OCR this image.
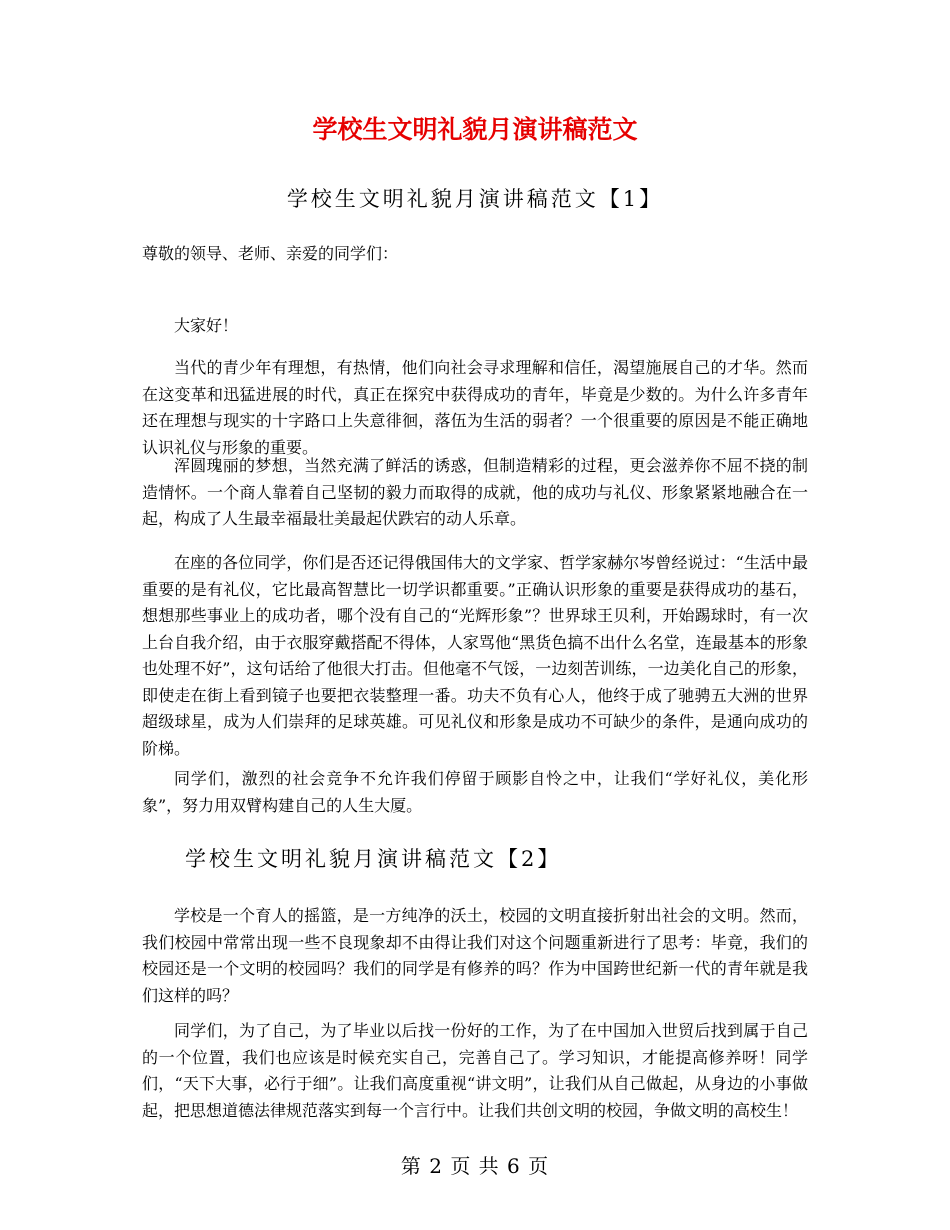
学校生文明礼貌月演讲稿范文
学校生文明礼貌月演讲稿范文【1】
尊敬的领导、老师、亲爱的同学们：
大家好！
当代的青少年有理想，有热情，他们向社会寻求理解和信任，渴望施展自己的才华。然而在这变革和迅猛进展的时代，真正在探究中获得成功的青年，毕竟是少数的。为什么许多青年还在理想与现实的十字路口上失意徘徊，落伍为生活的弱者？一个很重要的原因是不能正确地认识礼仪与形象的重要。
浑圆瑰丽的梦想，当然充满了鲜活的诱惑，但制造精彩的过程，更会滋养你不屈不挠的制造情怀。一个商人靠着自己坚韧的毅力而取得的成就，他的成功与礼仪、形象紧紧地融合在一起，构成了人生最幸福最壮美最起伏跌宕的动人乐章。
在座的各位同学，你们是否还记得俄国伟大的文学家、哲学家赫尔岑曾经说过：“生活中最重要的是有礼仪，它比最高智慧比一切学识都重要。”正确认识形象的重要是获得成功的基石，想想那些事业上的成功者，哪个没有自己的“光辉形象”？世界球王贝利，开始踢球时，有一次上台自我介绍，由于衣服穿戴搭配不得体，人家骂他“黑货色搞不出什么名堂，连最基本的形象也处理不好”，这句话给了他很大打击。但他毫不气馁，一边刻苦训练，一边美化自己的形象，即使走在街上看到镜子也要把衣装整理一番。功夫不负有心人，他终于成了驰骋五大洲的世界超级球星，成为人们崇拜的足球英雄。可见礼仪和形象是成功不可缺少的条件，是通向成功的阶梯。
同学们，激烈的社会竞争不允许我们停留于顾影自怜之中，让我们“学好礼仪，美化形象”，努力用双臂构建自己的人生大厦。
学校生文明礼貌月演讲稿范文【2】
学校是一个育人的摇篮，是一方纯净的沃土，校园的文明直接折射出社会的文明。然而，我们校园中常常出现一些不良现象却不由得让我们对这个问题重新进行了思考：毕竟，我们的校园还是一个文明的校园吗？我们的同学是有修养的吗？作为中国跨世纪新一代的青年就是我们这样的吗？
同学们，为了自己，为了毕业以后找一份好的工作，为了在中国加入世贸后找到属于自己的一个位置，我们也应该是时候充实自己，完善自己了。学习知识，才能提高修养呀！同学们，“天下大事，必行于细”。让我们高度重视“讲文明”，让我们从自己做起，从身边的小事做起，把思想道德法律规范落实到每一个言行中。让我们共创文明的校园，争做文明的高校生！
第 2 页 共 6 页
